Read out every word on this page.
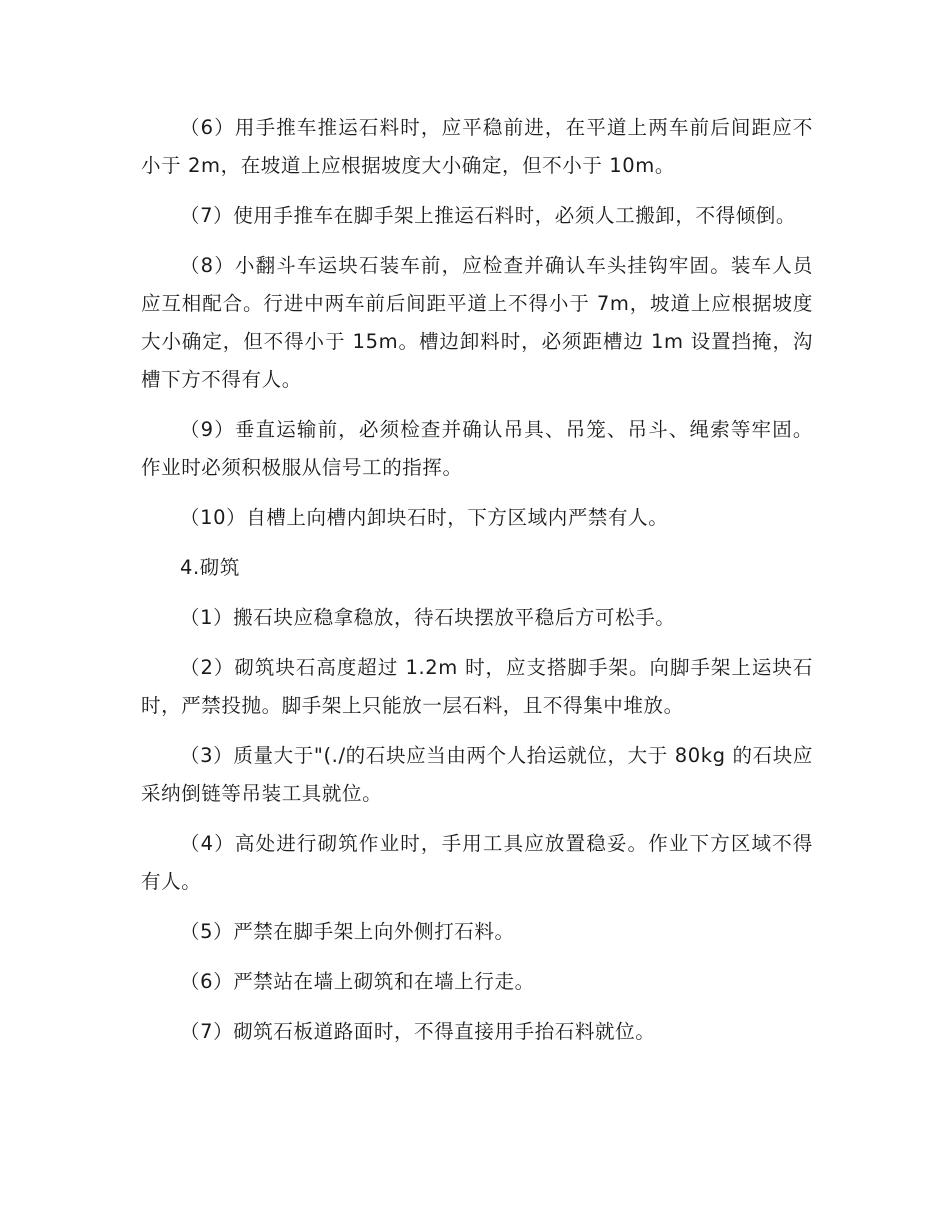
（6）用手推车推运石料时，应平稳前进，在平道上两车前后间距应不小于 2m，在坡道上应根据坡度大小确定，但不小于 10m。

（7）使用手推车在脚手架上推运石料时，必须人工搬卸，不得倾倒。

（8）小翻斗车运块石装车前，应检查并确认车头挂钩牢固。装车人员应互相配合。行进中两车前后间距平道上不得小于 7m，坡道上应根据坡度大小确定，但不得小于 15m。槽边卸料时，必须距槽边 1m 设置挡掩，沟槽下方不得有人。

（9）垂直运输前，必须检查并确认吊具、吊笼、吊斗、绳索等牢固。作业时必须积极服从信号工的指挥。

（10）自槽上向槽内卸块石时，下方区域内严禁有人。

4.砌筑

（1）搬石块应稳拿稳放，待石块摆放平稳后方可松手。

（2）砌筑块石高度超过 1.2m 时，应支搭脚手架。向脚手架上运块石时，严禁投抛。脚手架上只能放一层石料，且不得集中堆放。

（3）质量大于"(./的石块应当由两个人抬运就位，大于 80kg 的石块应采纳倒链等吊装工具就位。

（4）高处进行砌筑作业时，手用工具应放置稳妥。作业下方区域不得有人。

（5）严禁在脚手架上向外侧打石料。

（6）严禁站在墙上砌筑和在墙上行走。

（7）砌筑石板道路面时，不得直接用手抬石料就位。
